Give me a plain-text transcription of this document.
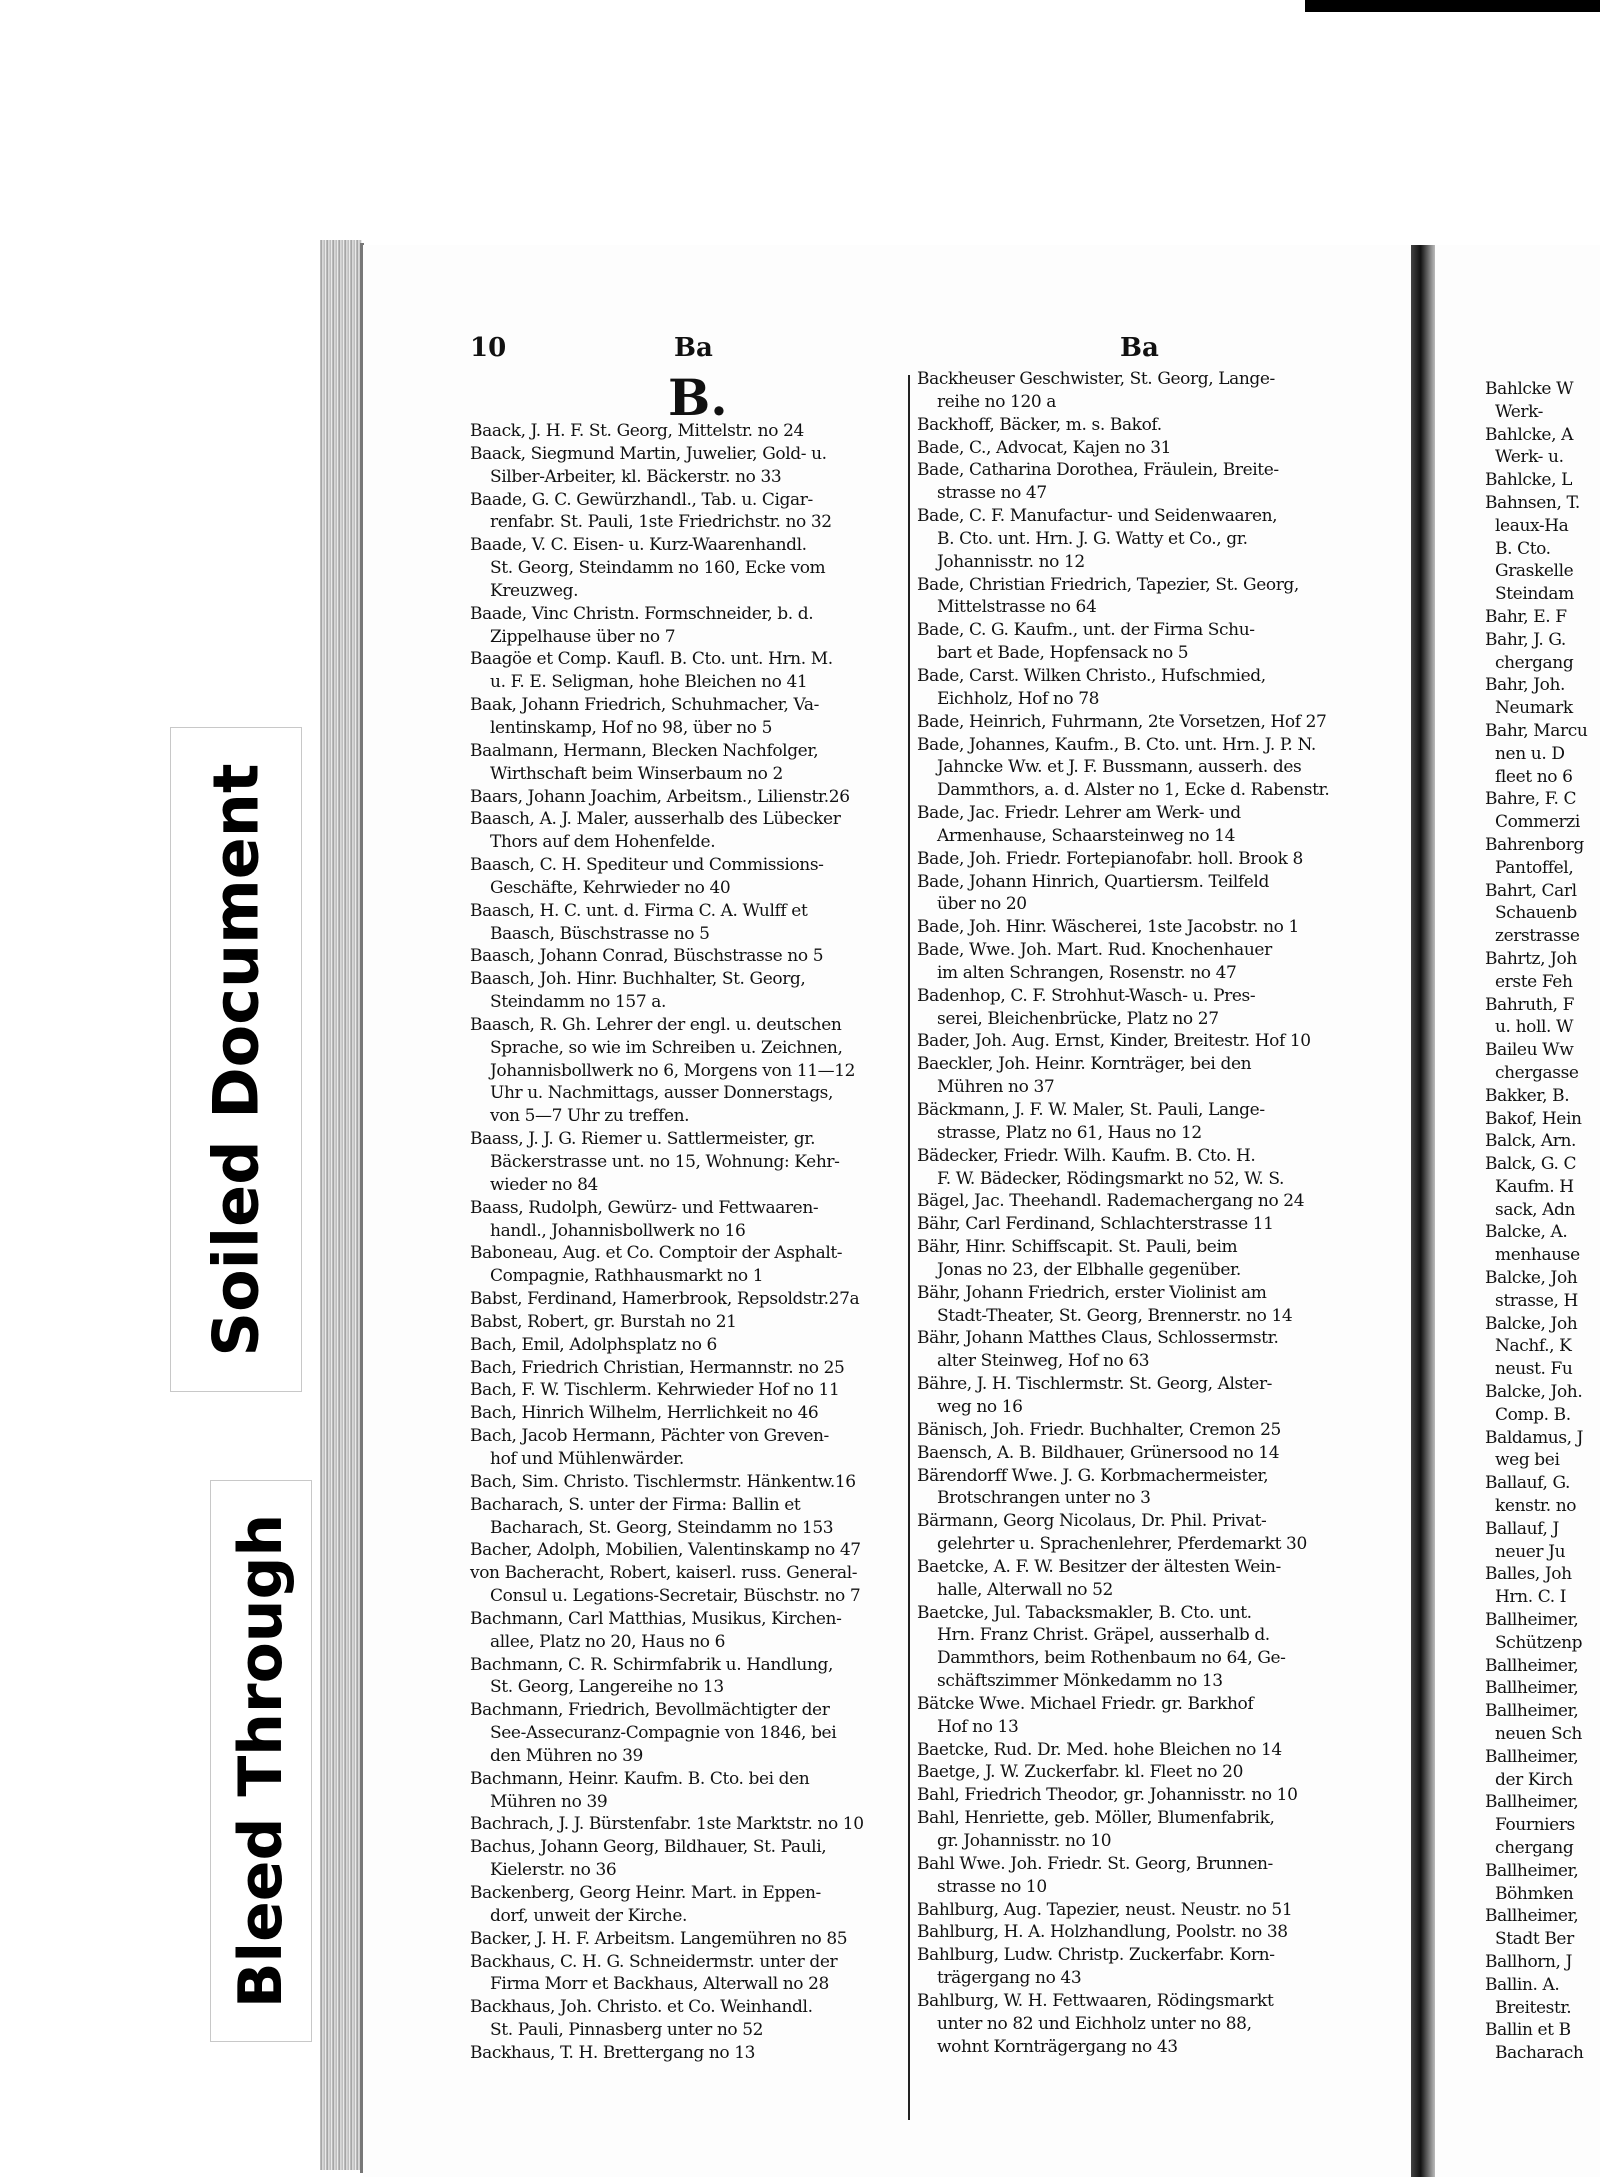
10	Ba	Ba
B.
Baack, J. H. F. St. Georg, Mittelstr. no 24
Baack, Siegmund Martin, Juwelier, Gold- u.
Silber-Arbeiter, kl. Bäckerstr. no 33
Baade, G. C. Gewürzhandl., Tab. u. Cigar-
renfabr. St. Pauli, 1ste Friedrichstr. no 32
Baade, V. C. Eisen- u. Kurz-Waarenhandl.
St. Georg, Steindamm no 160, Ecke vom
Kreuzweg.
Baade, Vinc Christn. Formschneider, b. d.
Zippelhause über no 7
Baagöe et Comp. Kaufl. B. Cto. unt. Hrn. M.
u. F. E. Seligman, hohe Bleichen no 41
Baak, Johann Friedrich, Schuhmacher, Va-
lentinskamp, Hof no 98, über no 5
Baalmann, Hermann, Blecken Nachfolger,
Wirthschaft beim Winserbaum no 2
Baars, Johann Joachim, Arbeitsm., Lilienstr.26
Baasch, A. J. Maler, ausserhalb des Lübecker
Thors auf dem Hohenfelde.
Baasch, C. H. Spediteur und Commissions-
Geschäfte, Kehrwieder no 40
Baasch, H. C. unt. d. Firma C. A. Wulff et
Baasch, Büschstrasse no 5
Baasch, Johann Conrad, Büschstrasse no 5
Baasch, Joh. Hinr. Buchhalter, St. Georg,
Steindamm no 157 a.
Baasch, R. Gh. Lehrer der engl. u. deutschen
Sprache, so wie im Schreiben u. Zeichnen,
Johannisbollwerk no 6, Morgens von 11—12
Uhr u. Nachmittags, ausser Donnerstags,
von 5—7 Uhr zu treffen.
Baass, J. J. G. Riemer u. Sattlermeister, gr.
Bäckerstrasse unt. no 15, Wohnung: Kehr-
wieder no 84
Baass, Rudolph, Gewürz- und Fettwaaren-
handl., Johannisbollwerk no 16
Baboneau, Aug. et Co. Comptoir der Asphalt-
Compagnie, Rathhausmarkt no 1
Babst, Ferdinand, Hamerbrook, Repsoldstr.27a
Babst, Robert, gr. Burstah no 21
Bach, Emil, Adolphsplatz no 6
Bach, Friedrich Christian, Hermannstr. no 25
Bach, F. W. Tischlerm. Kehrwieder Hof no 11
Bach, Hinrich Wilhelm, Herrlichkeit no 46
Bach, Jacob Hermann, Pächter von Greven-
hof und Mühlenwärder.
Bach, Sim. Christo. Tischlermstr. Hänkentw.16
Bacharach, S. unter der Firma: Ballin et
Bacharach, St. Georg, Steindamm no 153
Bacher, Adolph, Mobilien, Valentinskamp no 47
von Bacheracht, Robert, kaiserl. russ. General-
Consul u. Legations-Secretair, Büschstr. no 7
Bachmann, Carl Matthias, Musikus, Kirchen-
allee, Platz no 20, Haus no 6
Bachmann, C. R. Schirmfabrik u. Handlung,
St. Georg, Langereihe no 13
Bachmann, Friedrich, Bevollmächtigter der
See-Assecuranz-Compagnie von 1846, bei
den Mühren no 39
Bachmann, Heinr. Kaufm. B. Cto. bei den
Mühren no 39
Bachrach, J. J. Bürstenfabr. 1ste Marktstr. no 10
Bachus, Johann Georg, Bildhauer, St. Pauli,
Kielerstr. no 36
Backenberg, Georg Heinr. Mart. in Eppen-
dorf, unweit der Kirche.
Backer, J. H. F. Arbeitsm. Langemühren no 85
Backhaus, C. H. G. Schneidermstr. unter der
Firma Morr et Backhaus, Alterwall no 28
Backhaus, Joh. Christo. et Co. Weinhandl.
St. Pauli, Pinnasberg unter no 52
Backhaus, T. H. Brettergang no 13
Backheuser Geschwister, St. Georg, Lange-
reihe no 120 a
Backhoff, Bäcker, m. s. Bakof.
Bade, C., Advocat, Kajen no 31
Bade, Catharina Dorothea, Fräulein, Breite-
strasse no 47
Bade, C. F. Manufactur- und Seidenwaaren,
B. Cto. unt. Hrn. J. G. Watty et Co., gr.
Johannisstr. no 12
Bade, Christian Friedrich, Tapezier, St. Georg,
Mittelstrasse no 64
Bade, C. G. Kaufm., unt. der Firma Schu-
bart et Bade, Hopfensack no 5
Bade, Carst. Wilken Christo., Hufschmied,
Eichholz, Hof no 78
Bade, Heinrich, Fuhrmann, 2te Vorsetzen, Hof 27
Bade, Johannes, Kaufm., B. Cto. unt. Hrn. J. P. N.
Jahncke Ww. et J. F. Bussmann, ausserh. des
Dammthors, a. d. Alster no 1, Ecke d. Rabenstr.
Bade, Jac. Friedr. Lehrer am Werk- und
Armenhause, Schaarsteinweg no 14
Bade, Joh. Friedr. Fortepianofabr. holl. Brook 8
Bade, Johann Hinrich, Quartiersm. Teilfeld
über no 20
Bade, Joh. Hinr. Wäscherei, 1ste Jacobstr. no 1
Bade, Wwe. Joh. Mart. Rud. Knochenhauer
im alten Schrangen, Rosenstr. no 47
Badenhop, C. F. Strohhut-Wasch- u. Pres-
serei, Bleichenbrücke, Platz no 27
Bader, Joh. Aug. Ernst, Kinder, Breitestr. Hof 10
Baeckler, Joh. Heinr. Kornträger, bei den
Mühren no 37
Bäckmann, J. F. W. Maler, St. Pauli, Lange-
strasse, Platz no 61, Haus no 12
Bädecker, Friedr. Wilh. Kaufm. B. Cto. H.
F. W. Bädecker, Rödingsmarkt no 52, W. S.
Bägel, Jac. Theehandl. Rademachergang no 24
Bähr, Carl Ferdinand, Schlachterstrasse 11
Bähr, Hinr. Schiffscapit. St. Pauli, beim
Jonas no 23, der Elbhalle gegenüber.
Bähr, Johann Friedrich, erster Violinist am
Stadt-Theater, St. Georg, Brennerstr. no 14
Bähr, Johann Matthes Claus, Schlossermstr.
alter Steinweg, Hof no 63
Bähre, J. H. Tischlermstr. St. Georg, Alster-
weg no 16
Bänisch, Joh. Friedr. Buchhalter, Cremon 25
Baensch, A. B. Bildhauer, Grünersood no 14
Bärendorff Wwe. J. G. Korbmachermeister,
Brotschrangen unter no 3
Bärmann, Georg Nicolaus, Dr. Phil. Privat-
gelehrter u. Sprachenlehrer, Pferdemarkt 30
Baetcke, A. F. W. Besitzer der ältesten Wein-
halle, Alterwall no 52
Baetcke, Jul. Tabacksmakler, B. Cto. unt.
Hrn. Franz Christ. Gräpel, ausserhalb d.
Dammthors, beim Rothenbaum no 64, Ge-
schäftszimmer Mönkedamm no 13
Bätcke Wwe. Michael Friedr. gr. Barkhof
Hof no 13
Baetcke, Rud. Dr. Med. hohe Bleichen no 14
Baetge, J. W. Zuckerfabr. kl. Fleet no 20
Bahl, Friedrich Theodor, gr. Johannisstr. no 10
Bahl, Henriette, geb. Möller, Blumenfabrik,
gr. Johannisstr. no 10
Bahl Wwe. Joh. Friedr. St. Georg, Brunnen-
strasse no 10
Bahlburg, Aug. Tapezier, neust. Neustr. no 51
Bahlburg, H. A. Holzhandlung, Poolstr. no 38
Bahlburg, Ludw. Christp. Zuckerfabr. Korn-
trägergang no 43
Bahlburg, W. H. Fettwaaren, Rödingsmarkt
unter no 82 und Eichholz unter no 88,
wohnt Kornträgergang no 43
Bahlcke W
Werk-
Bahlcke, A
Werk- u.
Bahlcke, L
Bahnsen, T.
leaux-Ha
B. Cto.
Graskelle
Steindam
Bahr, E. F
Bahr, J. G.
chergang
Bahr, Joh.
Neumark
Bahr, Marcu
nen u. D
fleet no 6
Bahre, F. C
Commerzi
Bahrenborg
Pantoffel,
Bahrt, Carl
Schauenb
zerstrasse
Bahrtz, Joh
erste Feh
Bahruth, F
u. holl. W
Baileu Ww
chergasse
Bakker, B.
Bakof, Hein
Balck, Arn.
Balck, G. C
Kaufm. H
sack, Adn
Balcke, A.
menhause
Balcke, Joh
strasse, H
Balcke, Joh
Nachf., K
neust. Fu
Balcke, Joh.
Comp. B.
Baldamus, J
weg bei
Ballauf, G.
kenstr. no
Ballauf, J
neuer Ju
Balles, Joh
Hrn. C. I
Ballheimer,
Schützenp
Ballheimer,
Ballheimer,
Ballheimer,
neuen Sch
Ballheimer,
der Kirch
Ballheimer,
Fourniers
chergang
Ballheimer,
Böhmken
Ballheimer,
Stadt Ber
Ballhorn, J
Ballin. A.
Breitestr.
Ballin et B
Bacharach
Soiled Document
Bleed Through
